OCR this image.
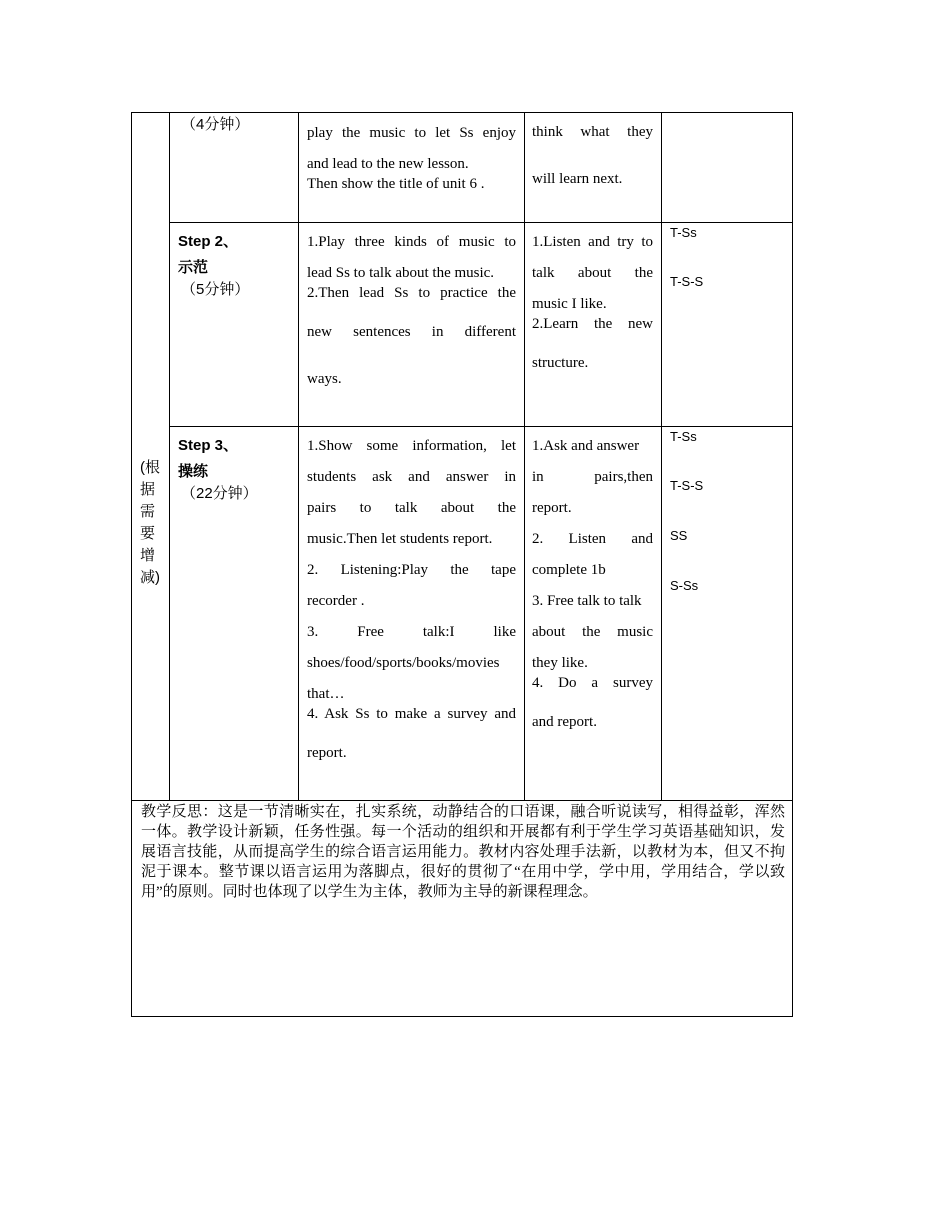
(根据需要增减)
（4分钟）	play the music to let Ss enjoy
and lead to the new lesson.
Then show the title of unit 6 .
think what they
will learn next.
Step 2、
示范
（5分钟）
1.Play three kinds of music to
lead Ss to talk about the music.
2.Then lead Ss to practice the
new sentences in different
ways.
1.Listen and try to
talk about the
music I like.
2.Learn the new
structure.
T-Ss
T-S-S
Step 3、
操练
（22分钟）
1.Show some information, let
students ask and answer in
pairs to talk about the
music.Then let students report.
2. Listening:Play the tape
recorder .
3. Free talk:I like
shoes/food/sports/books/movies
that…
4. Ask Ss to make a survey and
report.
1.Ask and answer
in pairs,then
report.
2. Listen and
complete 1b
3. Free talk to talk
about the music
they like.
4. Do a survey
and report.
T-Ss
T-S-S
SS
S-Ss
教学反思：这是一节清晰实在，扎实系统，动静结合的口语课，融合听说读写，相得益彰，浑然一体。教学设计新颖，任务性强。每一个活动的组织和开展都有利于学生学习英语基础知识，发展语言技能，从而提高学生的综合语言运用能力。教材内容处理手法新，以教材为本，但又不拘泥于课本。整节课以语言运用为落脚点，很好的贯彻了“在用中学，学中用，学用结合，学以致用”的原则。同时也体现了以学生为主体，教师为主导的新课程理念。
